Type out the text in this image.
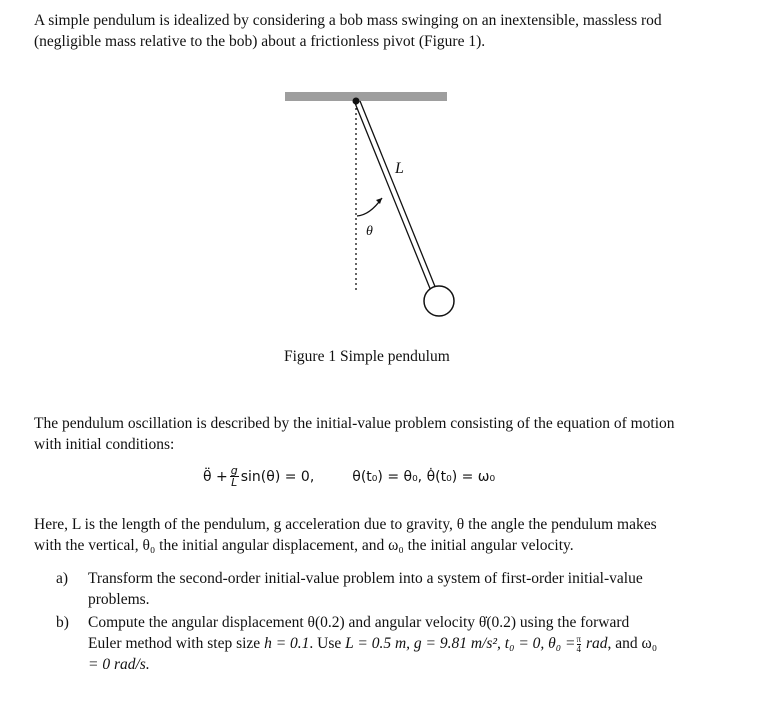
A simple pendulum is idealized by considering a bob mass swinging on an inextensible, massless rod
(negligible mass relative to the bob) about a frictionless pivot (Figure 1).
L
θ
Figure 1 Simple pendulum
The pendulum oscillation is described by the initial-value problem consisting of the equation of motion
with initial conditions:
θ̈ + $\frac{g}{L} \sin(\theta) = 0$,	θ(t₀) = θ₀, θ̇(t₀) = ω₀
Here, L is the length of the pendulum, g acceleration due to gravity, θ the angle the pendulum makes
with the vertical, θ₀ the initial angular displacement, and ω₀ the initial angular velocity.
a) Transform the second-order initial-value problem into a system of first-order initial-value
problems.
b) Compute the angular displacement θ(0.2) and angular velocity θ̇(0.2) using the forward
Euler method with step size h = 0.1. Use L = 0.5 m, g = 9.81 m/s², t₀ = 0, $\theta_0 = \frac{\pi}{4}$ rad, and ω₀
= 0 rad/s.
